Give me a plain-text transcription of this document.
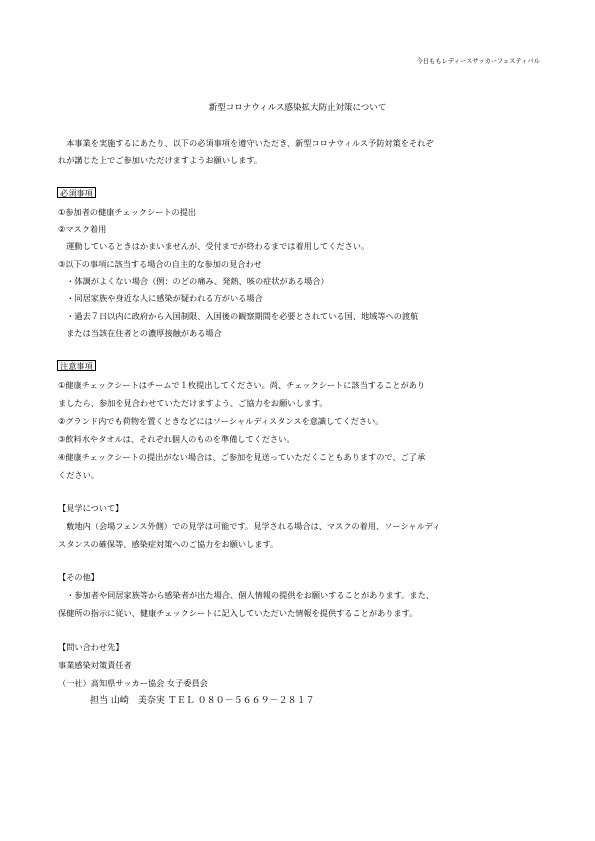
今日ももレディースサッカーフェスティバル
新型コロナウィルス感染拡大防止対策について
　本事業を実施するにあたり、以下の必須事項を遵守いただき、新型コロナウィルス予防対策をそれぞ
れが講じた上でご参加いただけますようお願いします。
必須事項
①参加者の健康チェックシートの提出
②マスク着用
　運動しているときはかまいませんが、受付までが終わるまでは着用してください。
③以下の事項に該当する場合の自主的な参加の見合わせ
　・体調がよくない場合（例：のどの痛み、発熱、咳の症状がある場合）
　・同居家族や身近な人に感染が疑われる方がいる場合
　・過去７日以内に政府から入国制限、入国後の観察期間を必要とされている国、地域等への渡航
　または当該在住者との濃厚接触がある場合
注意事項
①健康チェックシートはチームで１枚提出してください。尚、チェックシートに該当することがあり
ましたら、参加を見合わせていただけますよう、ご協力をお願いします。
②グランド内でも荷物を置くときなどにはソーシャルディスタンスを意識してください。
③飲料水やタオルは、それぞれ個人のものを準備してください。
④健康チェックシートの提出がない場合は、ご参加を見送っていただくこともありますので、ご了承
ください。
【見学について】
　敷地内（会場フェンス外側）での見学は可能です。見学される場合は、マスクの着用、ソーシャルディ
スタンスの確保等、感染症対策へのご協力をお願いします。
【その他】
　・参加者や同居家族等から感染者が出た場合、個人情報の提供をお願いすることがあります。また、
保健所の指示に従い、健康チェックシートに記入していただいた情報を提供することがあります。
【問い合わせ先】
事業感染対策責任者
（一社）高知県サッカー協会 女子委員会
担当 山崎　美奈実 ＴＥＬ ０８０－５６６９－２８１７
